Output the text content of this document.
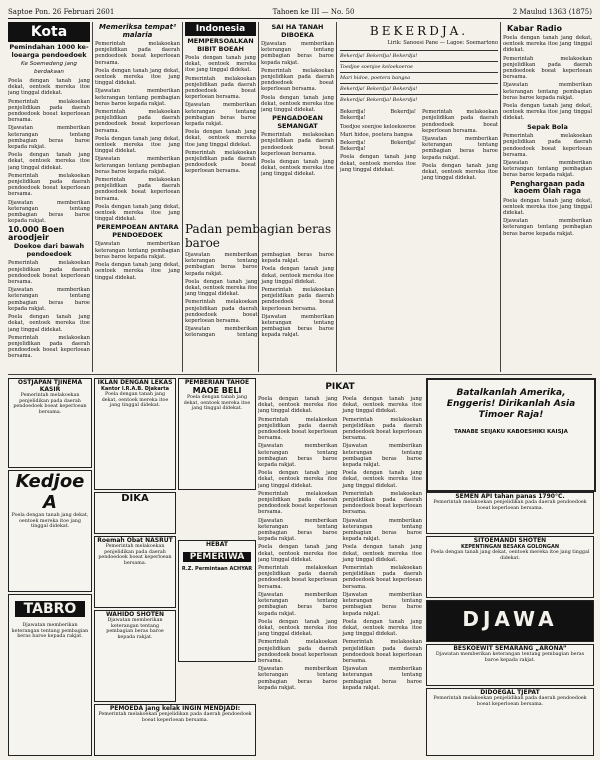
Saptoe Pon. 26 Februari 2601	Tahoen ke III — No. 50	2 Maulud 1363 (1875)
Kota
Pemindahan 1000 ke-loearga pendoedoek
Ke Soemedeng jang berdakaan

Poela dengan tanah jang dekat, oentoek mereka itoe jang tinggal didekat.

Pemerintah melakoekan penjelidikan pada daerah pendoedoek boeat keperloean bersama.

Djawatan memberikan keterangan tentang pembagian beras baroe kepada rakjat.

Poela dengan tanah jang dekat, oentoek mereka itoe jang tinggal didekat.

Pemerintah melakoekan penjelidikan pada daerah pendoedoek boeat keperloean bersama.

Djawatan memberikan keterangan tentang pembagian beras baroe kepada rakjat.

10.000 Boen aroodjeir
Doekoe dari bawah pendoedoek

Pemerintah melakoekan penjelidikan pada daerah pendoedoek boeat keperloean bersama.

Djawatan memberikan keterangan tentang pembagian beras baroe kepada rakjat.

Poela dengan tanah jang dekat, oentoek mereka itoe jang tinggal didekat.

Pemerintah melakoekan penjelidikan pada daerah pendoedoek boeat keperloean bersama.

Memeriksa tempat² malaria

Pemerintah melakoekan penjelidikan pada daerah pendoedoek boeat keperloean bersama.

Poela dengan tanah jang dekat, oentoek mereka itoe jang tinggal didekat.

Djawatan memberikan keterangan tentang pembagian beras baroe kepada rakjat.

Pemerintah melakoekan penjelidikan pada daerah pendoedoek boeat keperloean bersama.

Poela dengan tanah jang dekat, oentoek mereka itoe jang tinggal didekat.

Djawatan memberikan keterangan tentang pembagian beras baroe kepada rakjat.

Pemerintah melakoekan penjelidikan pada daerah pendoedoek boeat keperloean bersama.

Poela dengan tanah jang dekat, oentoek mereka itoe jang tinggal didekat.

PEREMPOEAN ANTARA PENDOEDOEK

Djawatan memberikan keterangan tentang pembagian beras baroe kepada rakjat.

Poela dengan tanah jang dekat, oentoek mereka itoe jang tinggal didekat.

Indonesia
MEMPERSOALKAN BIBIT BOEAH

Poela dengan tanah jang dekat, oentoek mereka itoe jang tinggal didekat.

Pemerintah melakoekan penjelidikan pada daerah pendoedoek boeat keperloean bersama.

Djawatan memberikan keterangan tentang pembagian beras baroe kepada rakjat.

Poela dengan tanah jang dekat, oentoek mereka itoe jang tinggal didekat.

Pemerintah melakoekan penjelidikan pada daerah pendoedoek boeat keperloean bersama.

SAI HA TANAH DIBOEKA

Djawatan memberikan keterangan tentang pembagian beras baroe kepada rakjat.

Pemerintah melakoekan penjelidikan pada daerah pendoedoek boeat keperloean bersama.

Poela dengan tanah jang dekat, oentoek mereka itoe jang tinggal didekat.

PENGADOEAN SEMANGAT

Pemerintah melakoekan penjelidikan pada daerah pendoedoek boeat keperloean bersama.

Poela dengan tanah jang dekat, oentoek mereka itoe jang tinggal didekat.

Padan pembagian beras baroe

Djawatan memberikan keterangan tentang pembagian beras baroe kepada rakjat.

Poela dengan tanah jang dekat, oentoek mereka itoe jang tinggal didekat.

Pemerintah melakoekan penjelidikan pada daerah pendoedoek boeat keperloean bersama.

Djawatan memberikan keterangan tentang pembagian beras baroe kepada rakjat.

Poela dengan tanah jang dekat, oentoek mereka itoe jang tinggal didekat.

Pemerintah melakoekan penjelidikan pada daerah pendoedoek boeat keperloean bersama.

Djawatan memberikan keterangan tentang pembagian beras baroe kepada rakjat.

BEKERDJA.
Lirik: Sanoesi Pane — Lagoe: Soemartono
Bekerdja! Bekerdja! Bekerdja!
Toedjoe soenjoe keloekoeroe
Mari hidoe, poetera bangsa
Bekerdja! Bekerdja! Bekerdja!
Bekerdja! Bekerdja! Bekerdja!

Bekerdja! Bekerdja! Bekerdja!

Toedjoe soenjoe keloekoeroe

Mari hidoe, poetera bangsa

Bekerdja! Bekerdja! Bekerdja!

Poela dengan tanah jang dekat, oentoek mereka itoe jang tinggal didekat.

Pemerintah melakoekan penjelidikan pada daerah pendoedoek boeat keperloean bersama.

Djawatan memberikan keterangan tentang pembagian beras baroe kepada rakjat.

Poela dengan tanah jang dekat, oentoek mereka itoe jang tinggal didekat.

Kabar Radio

Poela dengan tanah jang dekat, oentoek mereka itoe jang tinggal didekat.

Pemerintah melakoekan penjelidikan pada daerah pendoedoek boeat keperloean bersama.

Djawatan memberikan keterangan tentang pembagian beras baroe kepada rakjat.

Poela dengan tanah jang dekat, oentoek mereka itoe jang tinggal didekat.

Sepak Bola

Pemerintah melakoekan penjelidikan pada daerah pendoedoek boeat keperloean bersama.

Djawatan memberikan keterangan tentang pembagian beras baroe kepada rakjat.

Penghargaan pada kaoem Olah raga

Poela dengan tanah jang dekat, oentoek mereka itoe jang tinggal didekat.

Djawatan memberikan keterangan tentang pembagian beras baroe kepada rakjat.

OSTJAPAN TJINEMA KASIR
Pemerintah melakoekan penjelidikan pada daerah pendoedoek boeat keperloean bersama.
Kedjoe A
Poela dengan tanah jang dekat, oentoek mereka itoe jang tinggal didekat.
TABRO
Djawatan memberikan keterangan tentang pembagian beras baroe kepada rakjat.
IKLAN DENGAN LEKAS
Kantor I.R.A.B. Djakarta
Poela dengan tanah jang dekat, oentoek mereka itoe jang tinggal didekat.
DIKA
Roemah Obat NASRUT
Pemerintah melakoekan penjelidikan pada daerah pendoedoek boeat keperloean bersama.
WAHIDO SHOTEN
Djawatan memberikan keterangan tentang pembagian beras baroe kepada rakjat.
PEMBERIAN TAHOE
MAOE BELI
Poela dengan tanah jang dekat, oentoek mereka itoe jang tinggal didekat.
HEBAT
PEMERIWA
R.Z. Permintaan ACHYAR
PEMOEDA jang kelak INGIN MENDJADI:
Pemerintah melakoekan penjelidikan pada daerah pendoedoek boeat keperloean bersama.
PIKAT

Poela dengan tanah jang dekat, oentoek mereka itoe jang tinggal didekat.

Pemerintah melakoekan penjelidikan pada daerah pendoedoek boeat keperloean bersama.

Djawatan memberikan keterangan tentang pembagian beras baroe kepada rakjat.

Poela dengan tanah jang dekat, oentoek mereka itoe jang tinggal didekat.

Pemerintah melakoekan penjelidikan pada daerah pendoedoek boeat keperloean bersama.

Djawatan memberikan keterangan tentang pembagian beras baroe kepada rakjat.

Poela dengan tanah jang dekat, oentoek mereka itoe jang tinggal didekat.

Pemerintah melakoekan penjelidikan pada daerah pendoedoek boeat keperloean bersama.

Djawatan memberikan keterangan tentang pembagian beras baroe kepada rakjat.

Poela dengan tanah jang dekat, oentoek mereka itoe jang tinggal didekat.

Pemerintah melakoekan penjelidikan pada daerah pendoedoek boeat keperloean bersama.

Djawatan memberikan keterangan tentang pembagian beras baroe kepada rakjat.

Poela dengan tanah jang dekat, oentoek mereka itoe jang tinggal didekat.

Pemerintah melakoekan penjelidikan pada daerah pendoedoek boeat keperloean bersama.

Djawatan memberikan keterangan tentang pembagian beras baroe kepada rakjat.

Poela dengan tanah jang dekat, oentoek mereka itoe jang tinggal didekat.

Pemerintah melakoekan penjelidikan pada daerah pendoedoek boeat keperloean bersama.

Djawatan memberikan keterangan tentang pembagian beras baroe kepada rakjat.

Poela dengan tanah jang dekat, oentoek mereka itoe jang tinggal didekat.

Pemerintah melakoekan penjelidikan pada daerah pendoedoek boeat keperloean bersama.

Djawatan memberikan keterangan tentang pembagian beras baroe kepada rakjat.

Poela dengan tanah jang dekat, oentoek mereka itoe jang tinggal didekat.

Pemerintah melakoekan penjelidikan pada daerah pendoedoek boeat keperloean bersama.

Djawatan memberikan keterangan tentang pembagian beras baroe kepada rakjat.

Batalkanlah Amerika, Enggeris! Dirikanlah Asia Timoer Raja!
TANABE SEIJAKU KABOESHIKI KAISJA
SEMEN API tahan panas 1790°C.
Pemerintah melakoekan penjelidikan pada daerah pendoedoek boeat keperloean bersama.
SITOEMANDI SHOTEN
KEPENTINGAN BESAKA GOLONGAN
Poela dengan tanah jang dekat, oentoek mereka itoe jang tinggal didekat.
DJAWA
BESKOEWIT SEMARANG „ARONA”
Djawatan memberikan keterangan tentang pembagian beras baroe kepada rakjat.
DIDOEGAL TJEPAT
Pemerintah melakoekan penjelidikan pada daerah pendoedoek boeat keperloean bersama.
